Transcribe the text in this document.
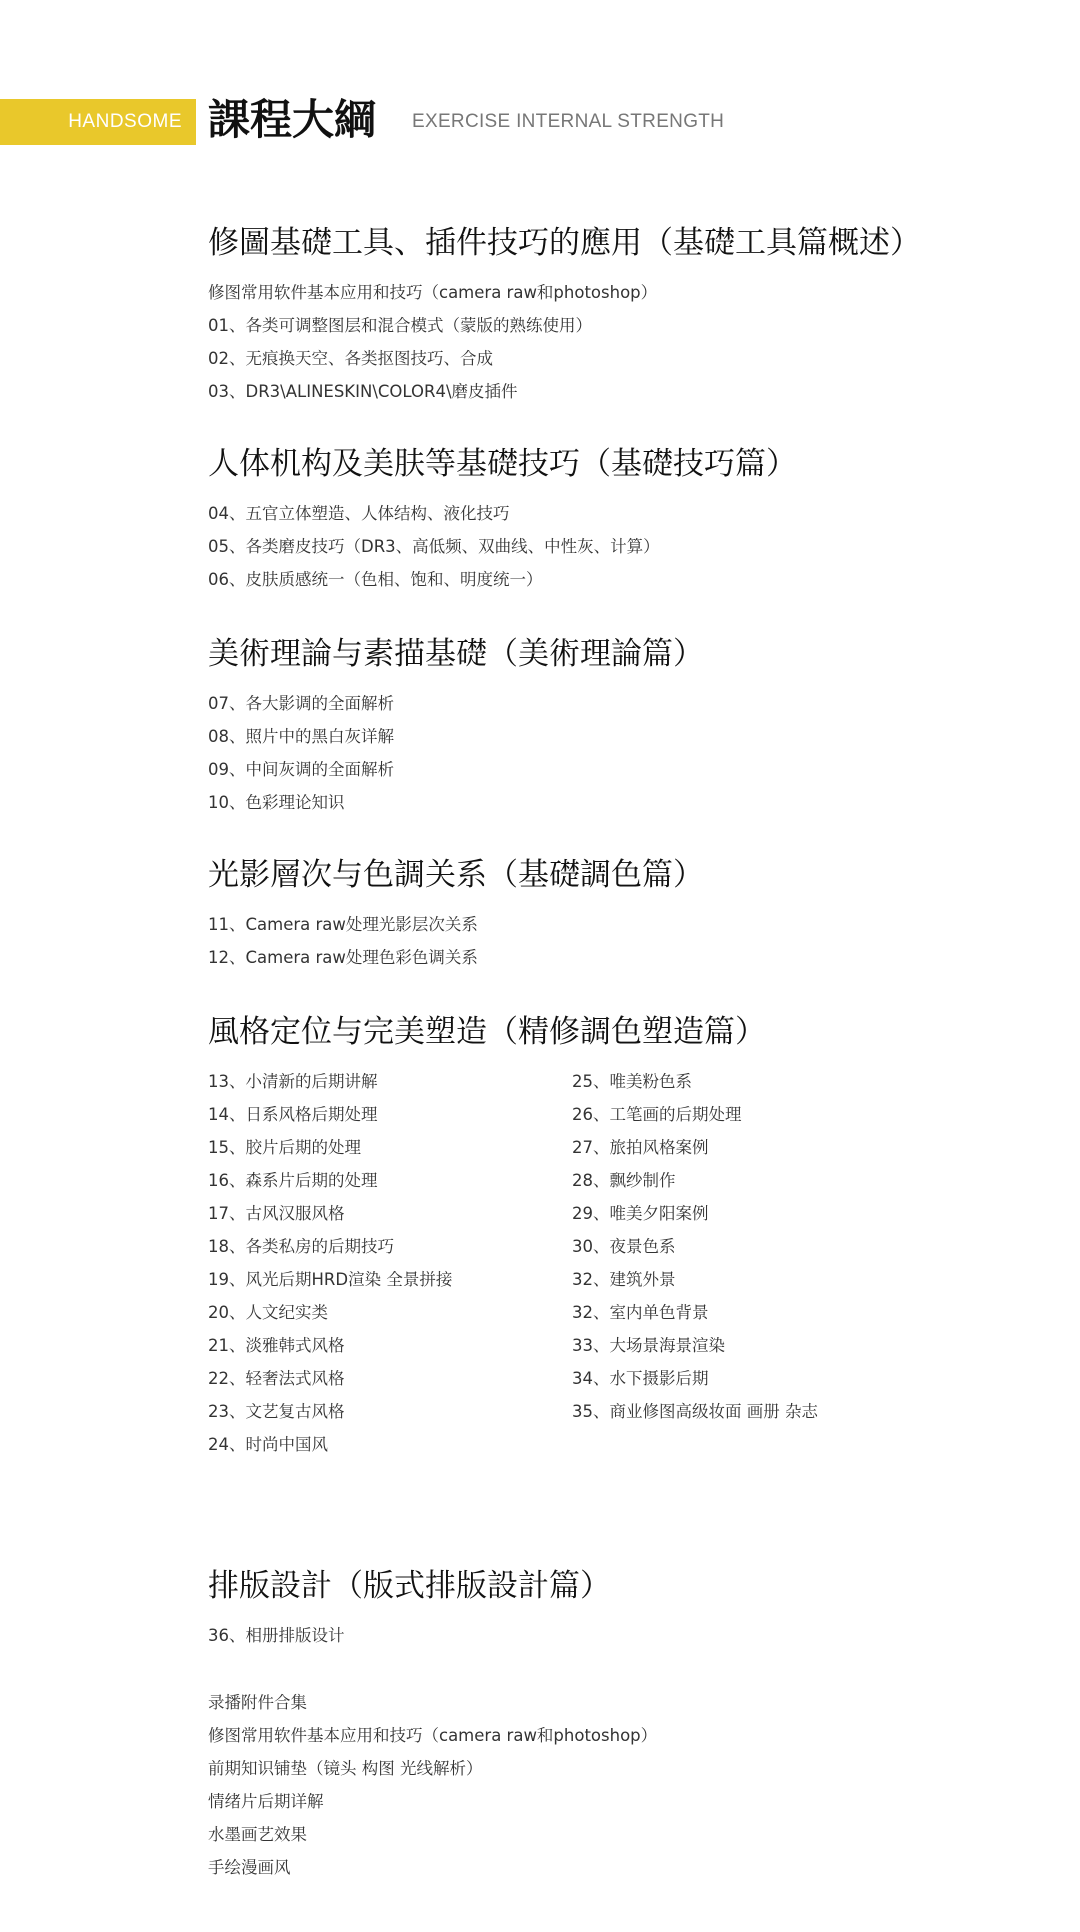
HANDSOME 課程大綱 EXERCISE INTERNAL STRENGTH
修圖基礎工具、插件技巧的應用（基礎工具篇概述）
修图常用软件基本应用和技巧（camera raw和photoshop）
01、各类可调整图层和混合模式（蒙版的熟练使用）
02、无痕换天空、各类抠图技巧、合成
03、DR3\ALINESKIN\COLOR4\磨皮插件
人体机构及美肤等基礎技巧（基礎技巧篇）
04、五官立体塑造、人体结构、液化技巧
05、各类磨皮技巧（DR3、高低频、双曲线、中性灰、计算）
06、皮肤质感统一（色相、饱和、明度统一）
美術理論与素描基礎（美術理論篇）
07、各大影调的全面解析
08、照片中的黑白灰详解
09、中间灰调的全面解析
10、色彩理论知识
光影層次与色調关系（基礎調色篇）
11、Camera raw处理光影层次关系
12、Camera raw处理色彩色调关系
風格定位与完美塑造（精修調色塑造篇）
13、小清新的后期讲解
14、日系风格后期处理
15、胶片后期的处理
16、森系片后期的处理
17、古风汉服风格
18、各类私房的后期技巧
19、风光后期HRD渲染 全景拼接
20、人文纪实类
21、淡雅韩式风格
22、轻奢法式风格
23、文艺复古风格
24、时尚中国风
25、唯美粉色系
26、工笔画的后期处理
27、旅拍风格案例
28、飘纱制作
29、唯美夕阳案例
30、夜景色系
32、建筑外景
32、室内单色背景
33、大场景海景渲染
34、水下摄影后期
35、商业修图高级妆面 画册 杂志
排版設計（版式排版設計篇）
36、相册排版设计
录播附件合集
修图常用软件基本应用和技巧（camera raw和photoshop）
前期知识铺垫（镜头 构图 光线解析）
情绪片后期详解
水墨画艺效果
手绘漫画风
